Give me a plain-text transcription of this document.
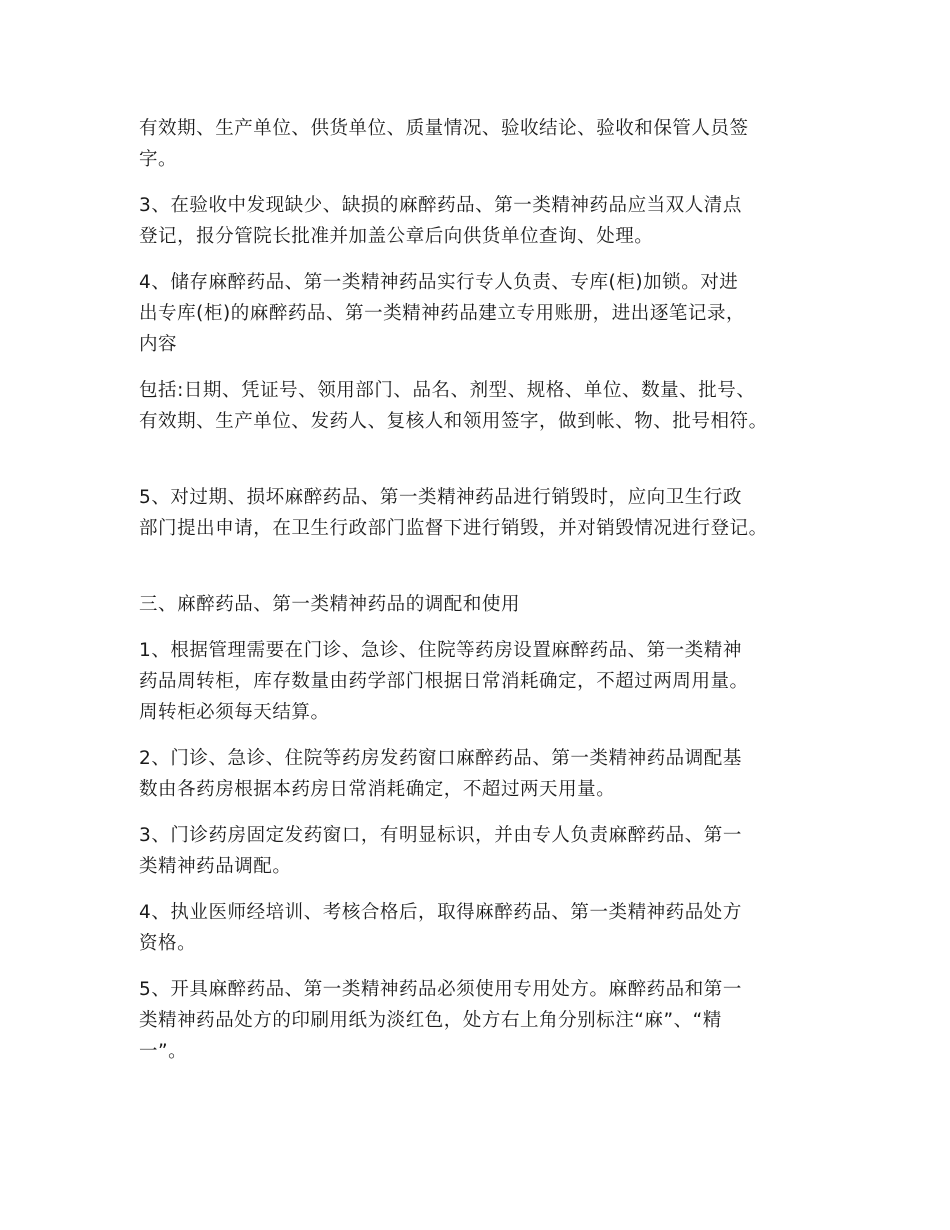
有效期、生产单位、供货单位、质量情况、验收结论、验收和保管人员签
字。

3、在验收中发现缺少、缺损的麻醉药品、第一类精神药品应当双人清点
登记，报分管院长批准并加盖公章后向供货单位查询、处理。

4、储存麻醉药品、第一类精神药品实行专人负责、专库(柜)加锁。对进
出专库(柜)的麻醉药品、第一类精神药品建立专用账册，进出逐笔记录，
内容

包括:日期、凭证号、领用部门、品名、剂型、规格、单位、数量、批号、
有效期、生产单位、发药人、复核人和领用签字，做到帐、物、批号相符。

5、对过期、损坏麻醉药品、第一类精神药品进行销毁时，应向卫生行政
部门提出申请，在卫生行政部门监督下进行销毁，并对销毁情况进行登记。

三、麻醉药品、第一类精神药品的调配和使用

1、根据管理需要在门诊、急诊、住院等药房设置麻醉药品、第一类精神
药品周转柜，库存数量由药学部门根据日常消耗确定，不超过两周用量。
周转柜必须每天结算。

2、门诊、急诊、住院等药房发药窗口麻醉药品、第一类精神药品调配基
数由各药房根据本药房日常消耗确定，不超过两天用量。

3、门诊药房固定发药窗口，有明显标识，并由专人负责麻醉药品、第一
类精神药品调配。

4、执业医师经培训、考核合格后，取得麻醉药品、第一类精神药品处方
资格。

5、开具麻醉药品、第一类精神药品必须使用专用处方。麻醉药品和第一
类精神药品处方的印刷用纸为淡红色，处方右上角分别标注“麻”、“精
一”。
